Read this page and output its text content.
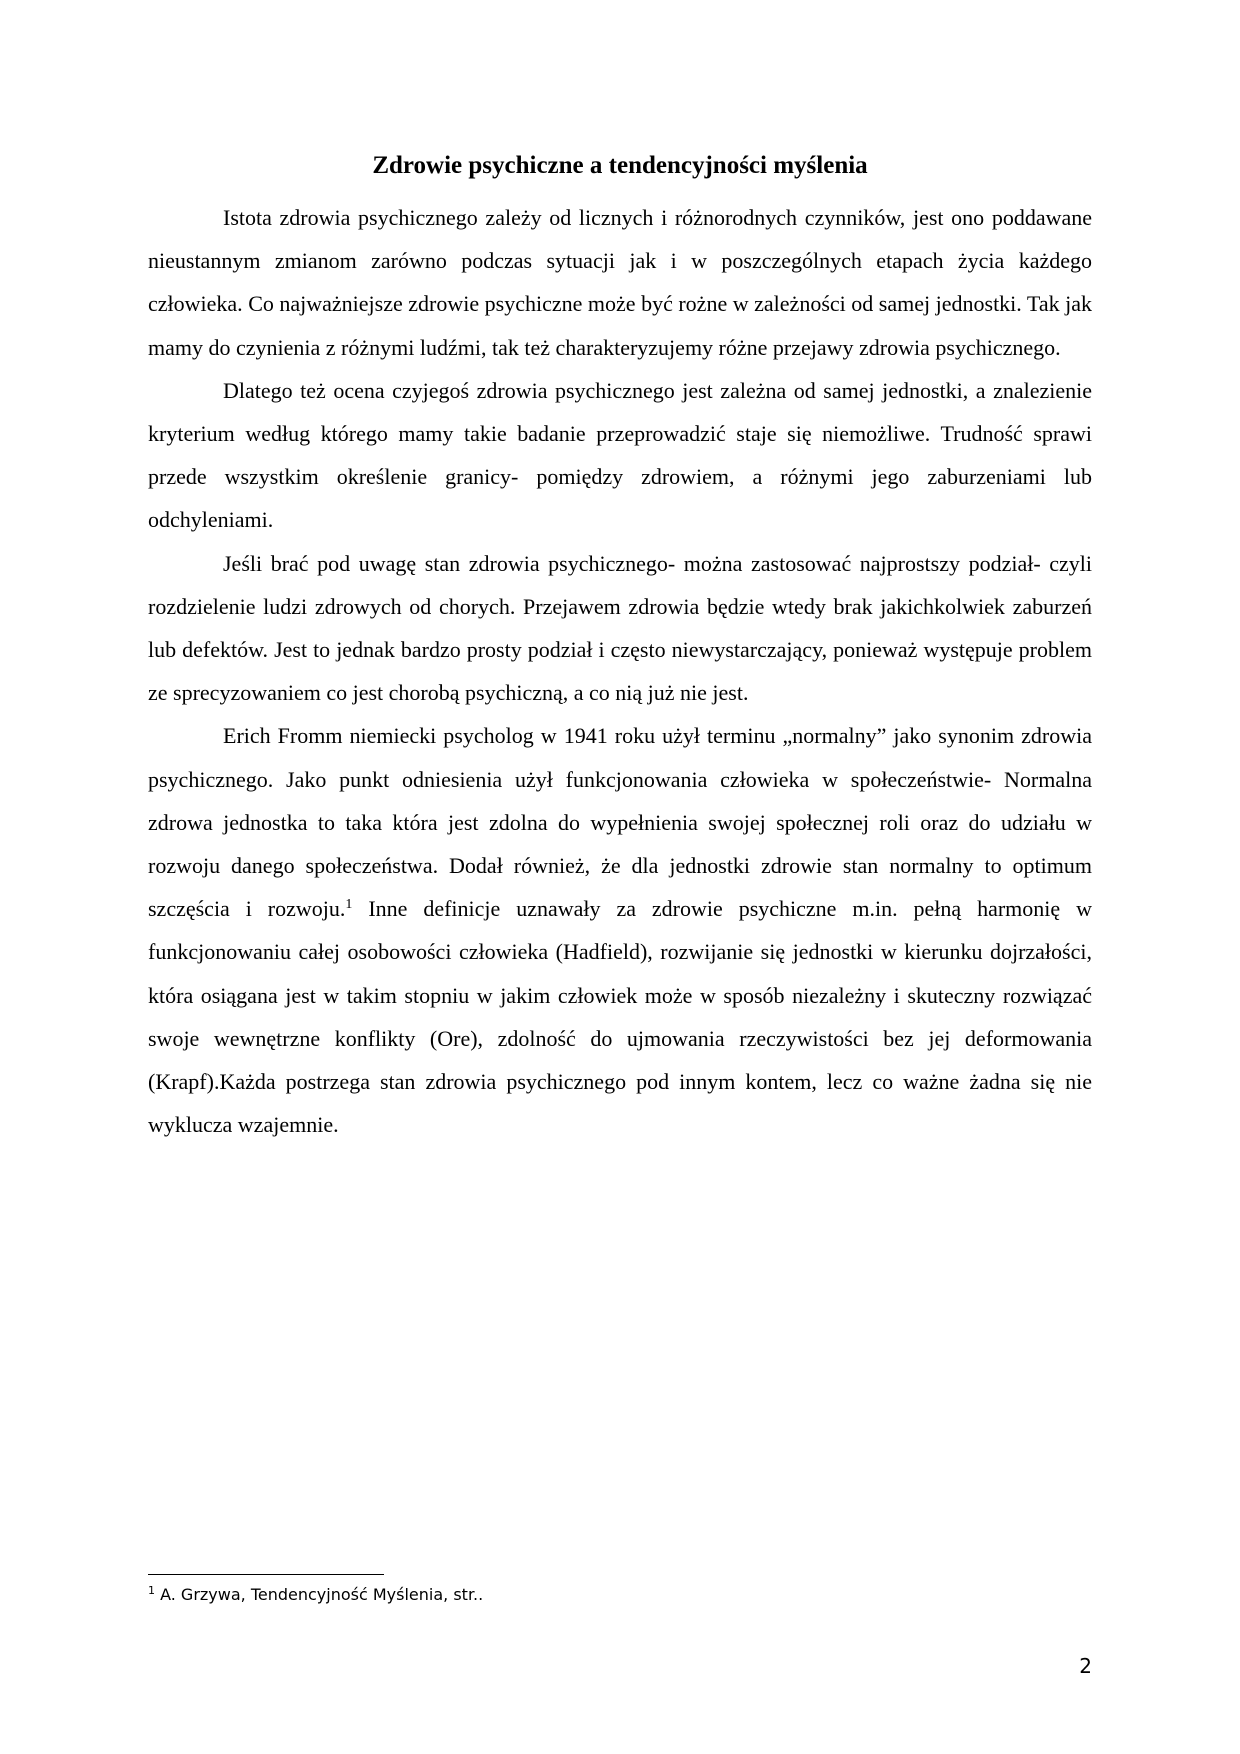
Zdrowie psychiczne a tendencyjności myślenia

Istota zdrowia psychicznego zależy od licznych i różnorodnych czynników, jest ono poddawane nieustannym zmianom zarówno podczas sytuacji jak i w poszczególnych etapach życia każdego człowieka. Co najważniejsze zdrowie psychiczne może być rożne w zależności od samej jednostki. Tak jak mamy do czynienia z różnymi ludźmi, tak też charakteryzujemy różne przejawy zdrowia psychicznego.

Dlatego też ocena czyjegoś zdrowia psychicznego jest zależna od samej jednostki, a znalezienie kryterium według którego mamy takie badanie przeprowadzić staje się niemożliwe. Trudność sprawi przede wszystkim określenie granicy- pomiędzy zdrowiem, a różnymi jego zaburzeniami lub odchyleniami.

Jeśli brać pod uwagę stan zdrowia psychicznego- można zastosować najprostszy podział- czyli rozdzielenie ludzi zdrowych od chorych. Przejawem zdrowia będzie wtedy brak jakichkolwiek zaburzeń lub defektów. Jest to jednak bardzo prosty podział i często niewystarczający, ponieważ występuje problem ze sprecyzowaniem co jest chorobą psychiczną, a co nią już nie jest.

Erich Fromm niemiecki psycholog w 1941 roku użył terminu „normalny” jako synonim zdrowia psychicznego. Jako punkt odniesienia użył funkcjonowania człowieka w społeczeństwie- Normalna zdrowa jednostka to taka która jest zdolna do wypełnienia swojej społecznej roli oraz do udziału w rozwoju danego społeczeństwa. Dodał również, że dla jednostki zdrowie stan normalny to optimum szczęścia i rozwoju.$^1$ Inne definicje uznawały za zdrowie psychiczne m.in. pełną harmonię w funkcjonowaniu całej osobowości człowieka (Hadfield), rozwijanie się jednostki w kierunku dojrzałości, która osiągana jest w takim stopniu w jakim człowiek może w sposób niezależny i skuteczny rozwiązać swoje wewnętrzne konflikty (Ore), zdolność do ujmowania rzeczywistości bez jej deformowania (Krapf).Każda postrzega stan zdrowia psychicznego pod innym kontem, lecz co ważne żadna się nie wyklucza wzajemnie.

$^1$ A. Grzywa, Tendencyjność Myślenia, str..
2
